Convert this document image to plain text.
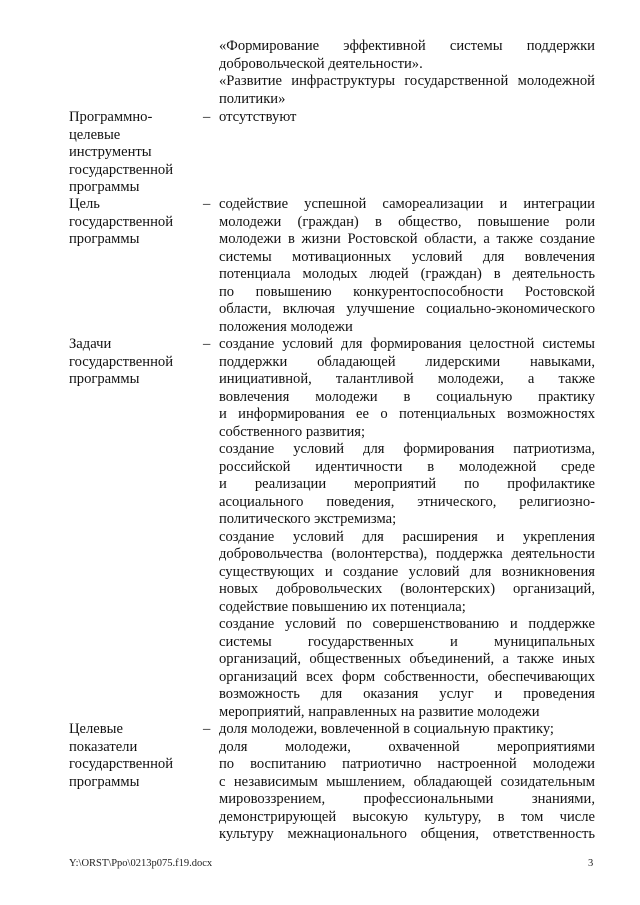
«Формирование эффективной системы поддержки

добровольческой деятельности».

«Развитие инфраструктуры государственной молодежной

политики»

Программно-
целевые
инструменты
государственной
программы
– отсутствуют

Цель
государственной
программы
– содействие успешной самореализации и интеграции

молодежи (граждан) в общество, повышение роли

молодежи в жизни Ростовской области, а также создание

системы мотивационных условий для вовлечения

потенциала молодых людей (граждан) в деятельность

по повышению конкурентоспособности Ростовской

области, включая улучшение социально-экономического

положения молодежи

Задачи
государственной
программы
– создание условий для формирования целостной системы

поддержки обладающей лидерскими навыками,

инициативной, талантливой молодежи, а также

вовлечения молодежи в социальную практику

и информирования ее о потенциальных возможностях

собственного развития;

создание условий для формирования патриотизма,

российской идентичности в молодежной среде

и реализации мероприятий по профилактике

асоциального поведения, этнического, религиозно-

политического экстремизма;

создание условий для расширения и укрепления

добровольчества (волонтерства), поддержка деятельности

существующих и создание условий для возникновения

новых добровольческих (волонтерских) организаций,

содействие повышению их потенциала;

создание условий по совершенствованию и поддержке

системы государственных и муниципальных

организаций, общественных объединений, а также иных

организаций всех форм собственности, обеспечивающих

возможность для оказания услуг и проведения

мероприятий, направленных на развитие молодежи

Целевые
показатели
государственной
программы
– доля молодежи, вовлеченной в социальную практику;

доля молодежи, охваченной мероприятиями

по воспитанию патриотично настроенной молодежи

с независимым мышлением, обладающей созидательным

мировоззрением, профессиональными знаниями,

демонстрирующей высокую культуру, в том числе

культуру межнационального общения, ответственность

Y:\ORST\Ppo\0213p075.f19.docx	3
